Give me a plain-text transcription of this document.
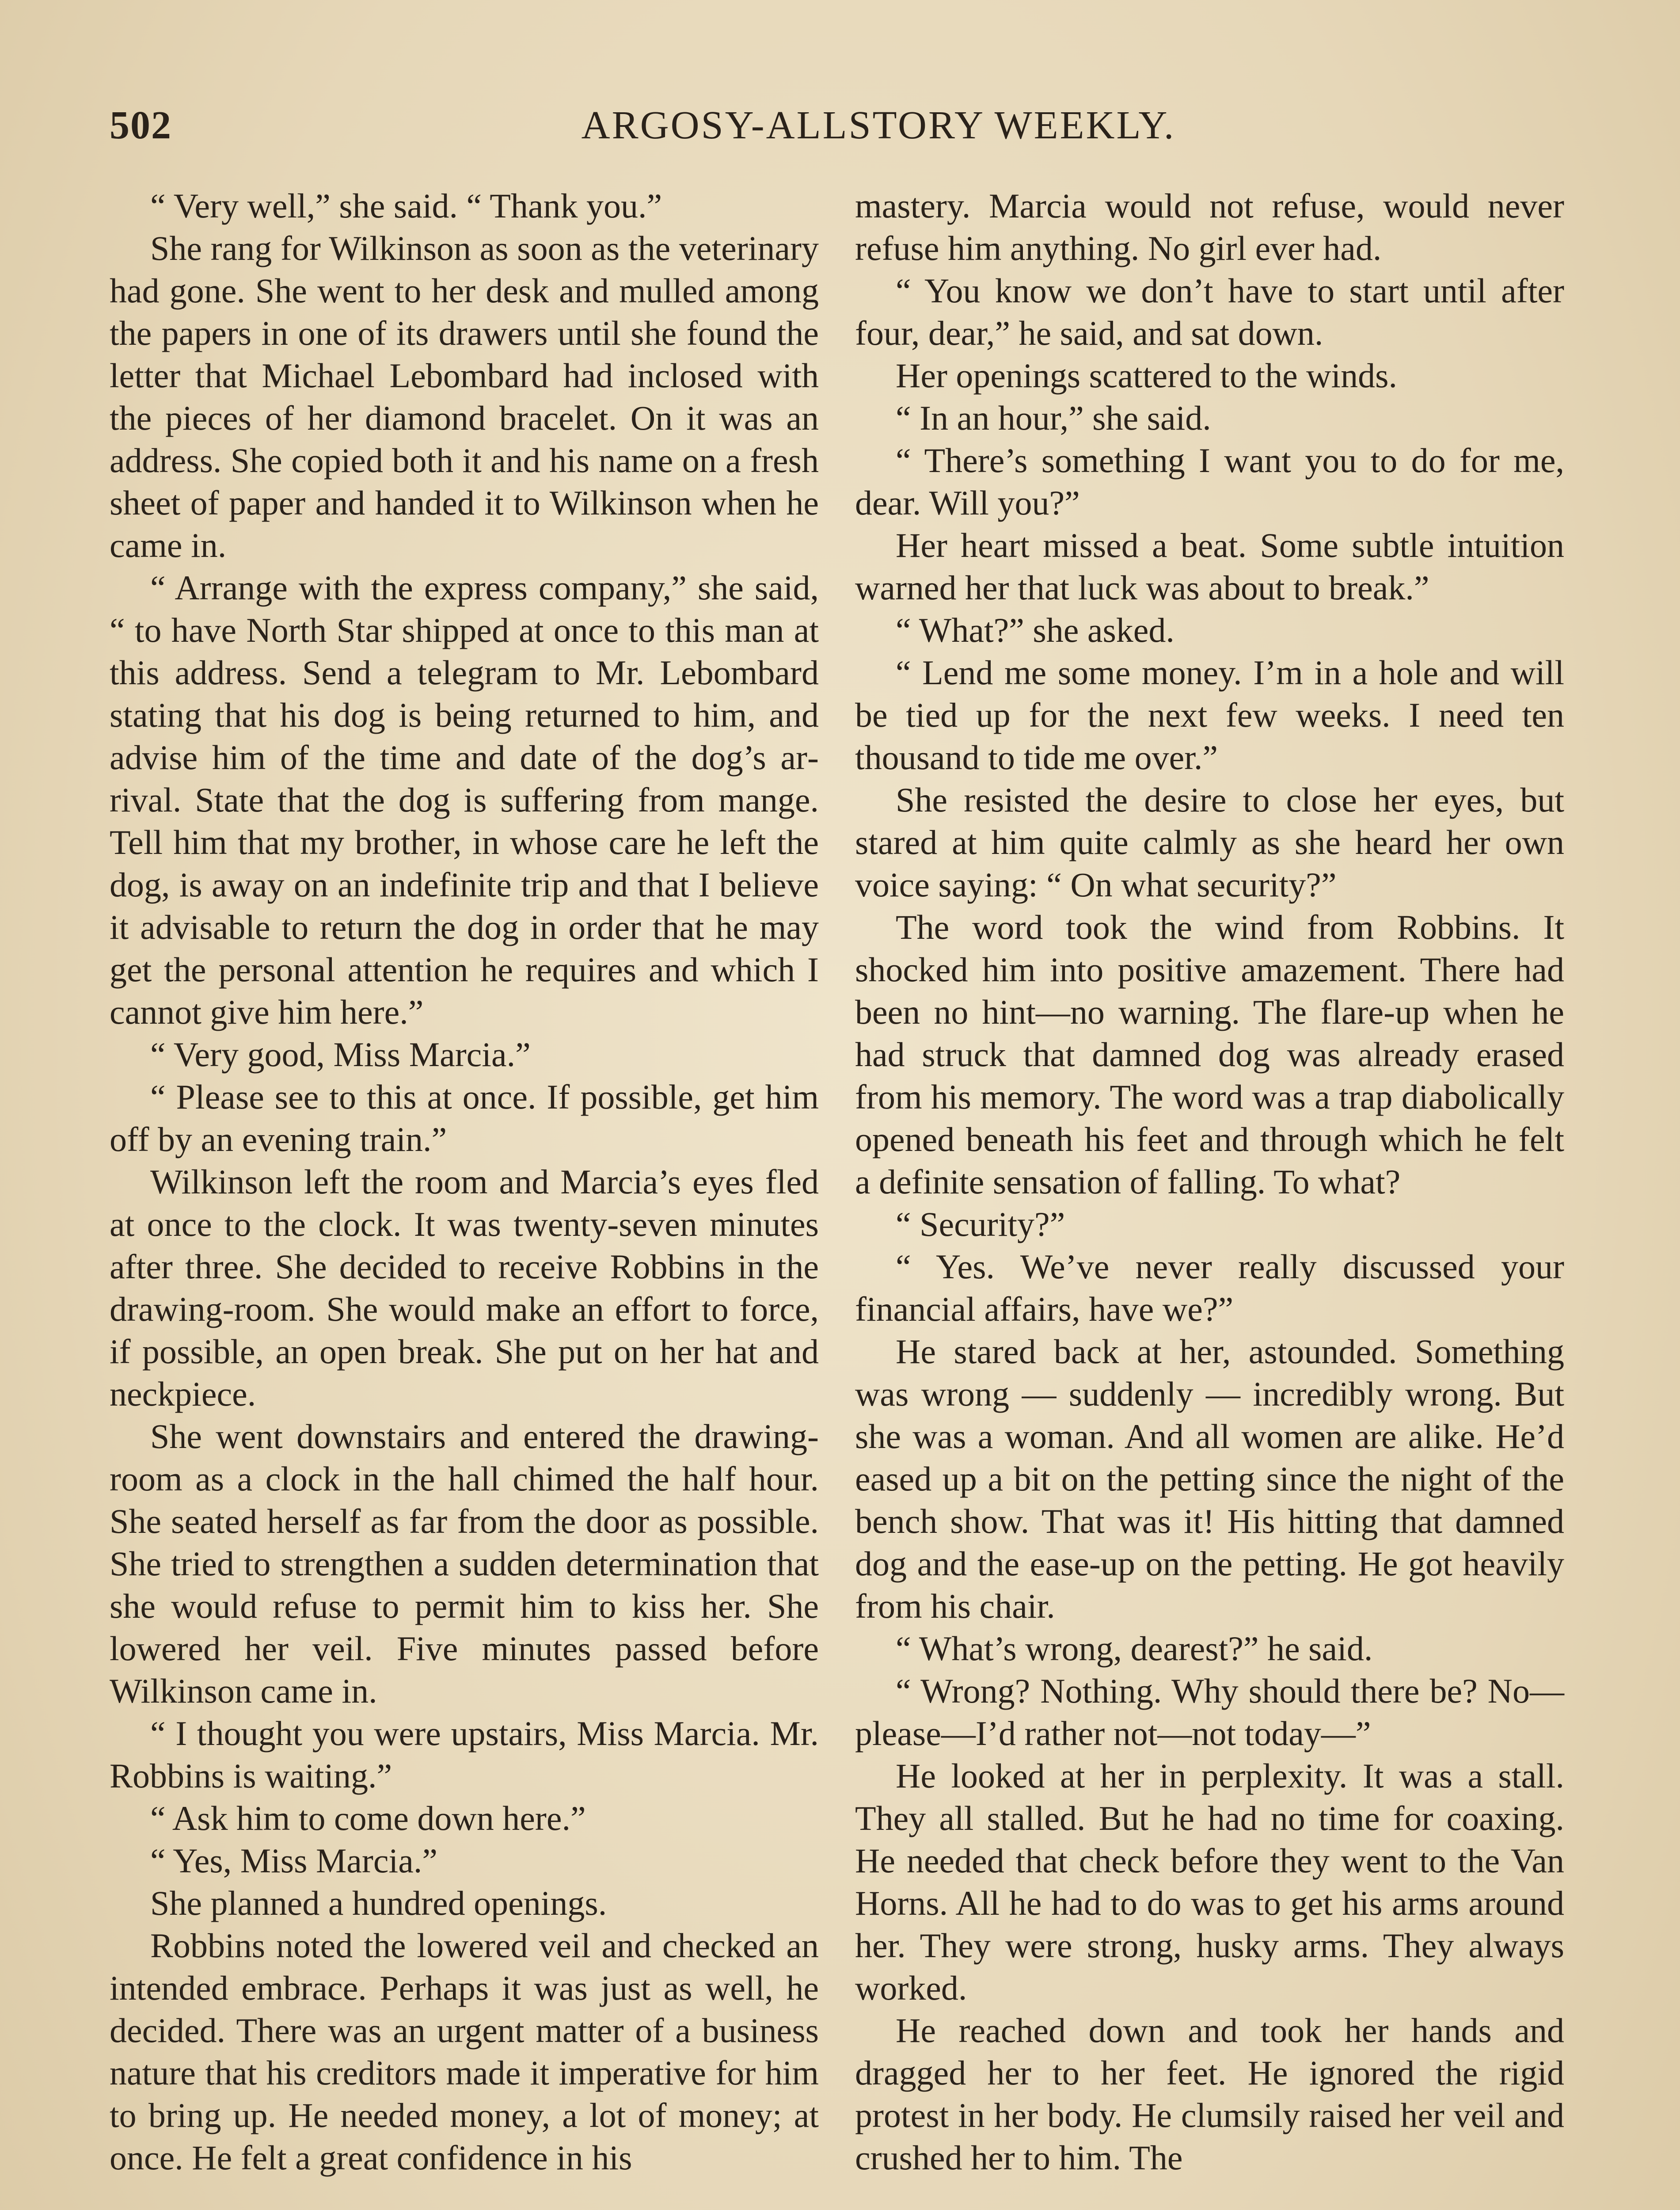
502	ARGOSY-ALLSTORY WEEKLY.

“ Very well,” she said. “ Thank you.”

She rang for Wilkinson as soon as the veterinary had gone. She went to her desk and mulled among the papers in one of its drawers until she found the letter that Michael Lebombard had inclosed with the pieces of her diamond bracelet. On it was an address. She copied both it and his name on a fresh sheet of paper and handed it to Wilkinson when he came in.

“ Arrange with the express company,” she said, “ to have North Star shipped at once to this man at this address. Send a telegram to Mr. Lebombard stating that his dog is being returned to him, and advise him of the time and date of the dog’s arrival. State that the dog is suffering from mange. Tell him that my brother, in whose care he left the dog, is away on an indefinite trip and that I believe it advisable to return the dog in order that he may get the personal attention he requires and which I cannot give him here.”

“ Very good, Miss Marcia.”

“ Please see to this at once. If possible, get him off by an evening train.”

Wilkinson left the room and Marcia’s eyes fled at once to the clock. It was twenty-seven minutes after three. She decided to receive Robbins in the drawing-room. She would make an effort to force, if possible, an open break. She put on her hat and neckpiece.

She went downstairs and entered the drawing-room as a clock in the hall chimed the half hour. She seated herself as far from the door as possible. She tried to strengthen a sudden determination that she would refuse to permit him to kiss her. She lowered her veil. Five minutes passed before Wilkinson came in.

“ I thought you were upstairs, Miss Marcia. Mr. Robbins is waiting.”

“ Ask him to come down here.”

“ Yes, Miss Marcia.”

She planned a hundred openings.

Robbins noted the lowered veil and checked an intended embrace. Perhaps it was just as well, he decided. There was an urgent matter of a business nature that his creditors made it imperative for him to bring up. He needed money, a lot of money; at once. He felt a great confidence in his

mastery. Marcia would not refuse, would never refuse him anything. No girl ever had.

“ You know we don’t have to start until after four, dear,” he said, and sat down.

Her openings scattered to the winds.

“ In an hour,” she said.

“ There’s something I want you to do for me, dear. Will you?”

Her heart missed a beat. Some subtle intuition warned her that luck was about to break.”

“ What?” she asked.

“ Lend me some money. I’m in a hole and will be tied up for the next few weeks. I need ten thousand to tide me over.”

She resisted the desire to close her eyes, but stared at him quite calmly as she heard her own voice saying: “ On what security?”

The word took the wind from Robbins. It shocked him into positive amazement. There had been no hint—no warning. The flare-up when he had struck that damned dog was already erased from his memory. The word was a trap diabolically opened beneath his feet and through which he felt a definite sensation of falling. To what?

“ Security?”

“ Yes. We’ve never really discussed your financial affairs, have we?”

He stared back at her, astounded. Something was wrong — suddenly — incredibly wrong. But she was a woman. And all women are alike. He’d eased up a bit on the petting since the night of the bench show. That was it! His hitting that damned dog and the ease-up on the petting. He got heavily from his chair.

“ What’s wrong, dearest?” he said.

“ Wrong? Nothing. Why should there be? No—please—I’d rather not—not today—”

He looked at her in perplexity. It was a stall. They all stalled. But he had no time for coaxing. He needed that check before they went to the Van Horns. All he had to do was to get his arms around her. They were strong, husky arms. They always worked.

He reached down and took her hands and dragged her to her feet. He ignored the rigid protest in her body. He clumsily raised her veil and crushed her to him. The
